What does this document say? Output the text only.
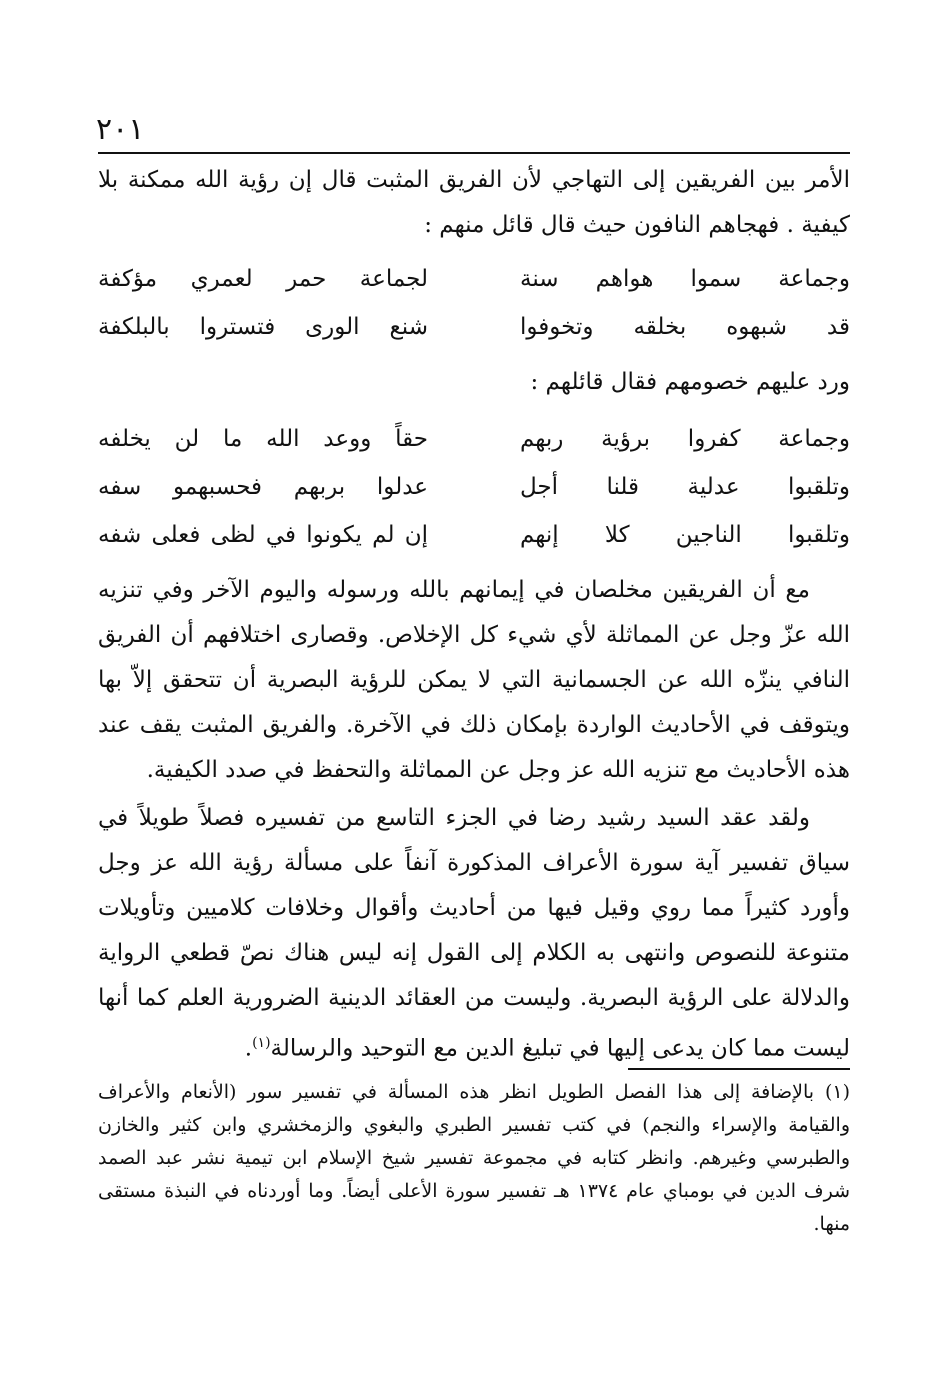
٢٠١
الأمر بين الفريقين إلى التهاجي لأن الفريق المثبت قال إن رؤية الله ممكنة بلا كيفية . فهجاهم النافون حيث قال قائل منهم :
وجماعة سموا هواهم سنة
لجماعة حمر لعمري مؤكفة
قد شبهوه بخلقه وتخوفوا
شنع الورى فتستروا بالبلكفة
ورد عليهم خصومهم فقال قائلهم :
وجماعة كفروا برؤية ربهم
حقاً ووعد الله ما لن يخلفه
وتلقبوا عدلية قلنا أجل
عدلوا بربهم فحسبهمو سفه
وتلقبوا الناجين كلا إنهم
إن لم يكونوا في لظى فعلى شفه
مع أن الفريقين مخلصان في إيمانهم بالله ورسوله واليوم الآخر وفي تنزيه الله عزّ وجل عن المماثلة لأي شيء كل الإخلاص. وقصارى اختلافهم أن الفريق النافي ينزّه الله عن الجسمانية التي لا يمكن للرؤية البصرية أن تتحقق إلاّ بها ويتوقف في الأحاديث الواردة بإمكان ذلك في الآخرة. والفريق المثبت يقف عند هذه الأحاديث مع تنزيه الله عز وجل عن المماثلة والتحفظ في صدد الكيفية.
ولقد عقد السيد رشيد رضا في الجزء التاسع من تفسيره فصلاً طويلاً في سياق تفسير آية سورة الأعراف المذكورة آنفاً على مسألة رؤية الله عز وجل وأورد كثيراً مما روي وقيل فيها من أحاديث وأقوال وخلافات كلاميين وتأويلات متنوعة للنصوص وانتهى به الكلام إلى القول إنه ليس هناك نصّ قطعي الرواية والدلالة على الرؤية البصرية. وليست من العقائد الدينية الضرورية العلم كما أنها ليست مما كان يدعى إليها في تبليغ الدين مع التوحيد والرسالة$^{(١)}$.
(١) بالإضافة إلى هذا الفصل الطويل انظر هذه المسألة في تفسير سور (الأنعام والأعراف والقيامة والإسراء والنجم) في كتب تفسير الطبري والبغوي والزمخشري وابن كثير والخازن والطبرسي وغيرهم. وانظر كتابه في مجموعة تفسير شيخ الإسلام ابن تيمية نشر عبد الصمد شرف الدين في بومباي عام ١٣٧٤ هـ تفسير سورة الأعلى أيضاً. وما أوردناه في النبذة مستقى منها.
